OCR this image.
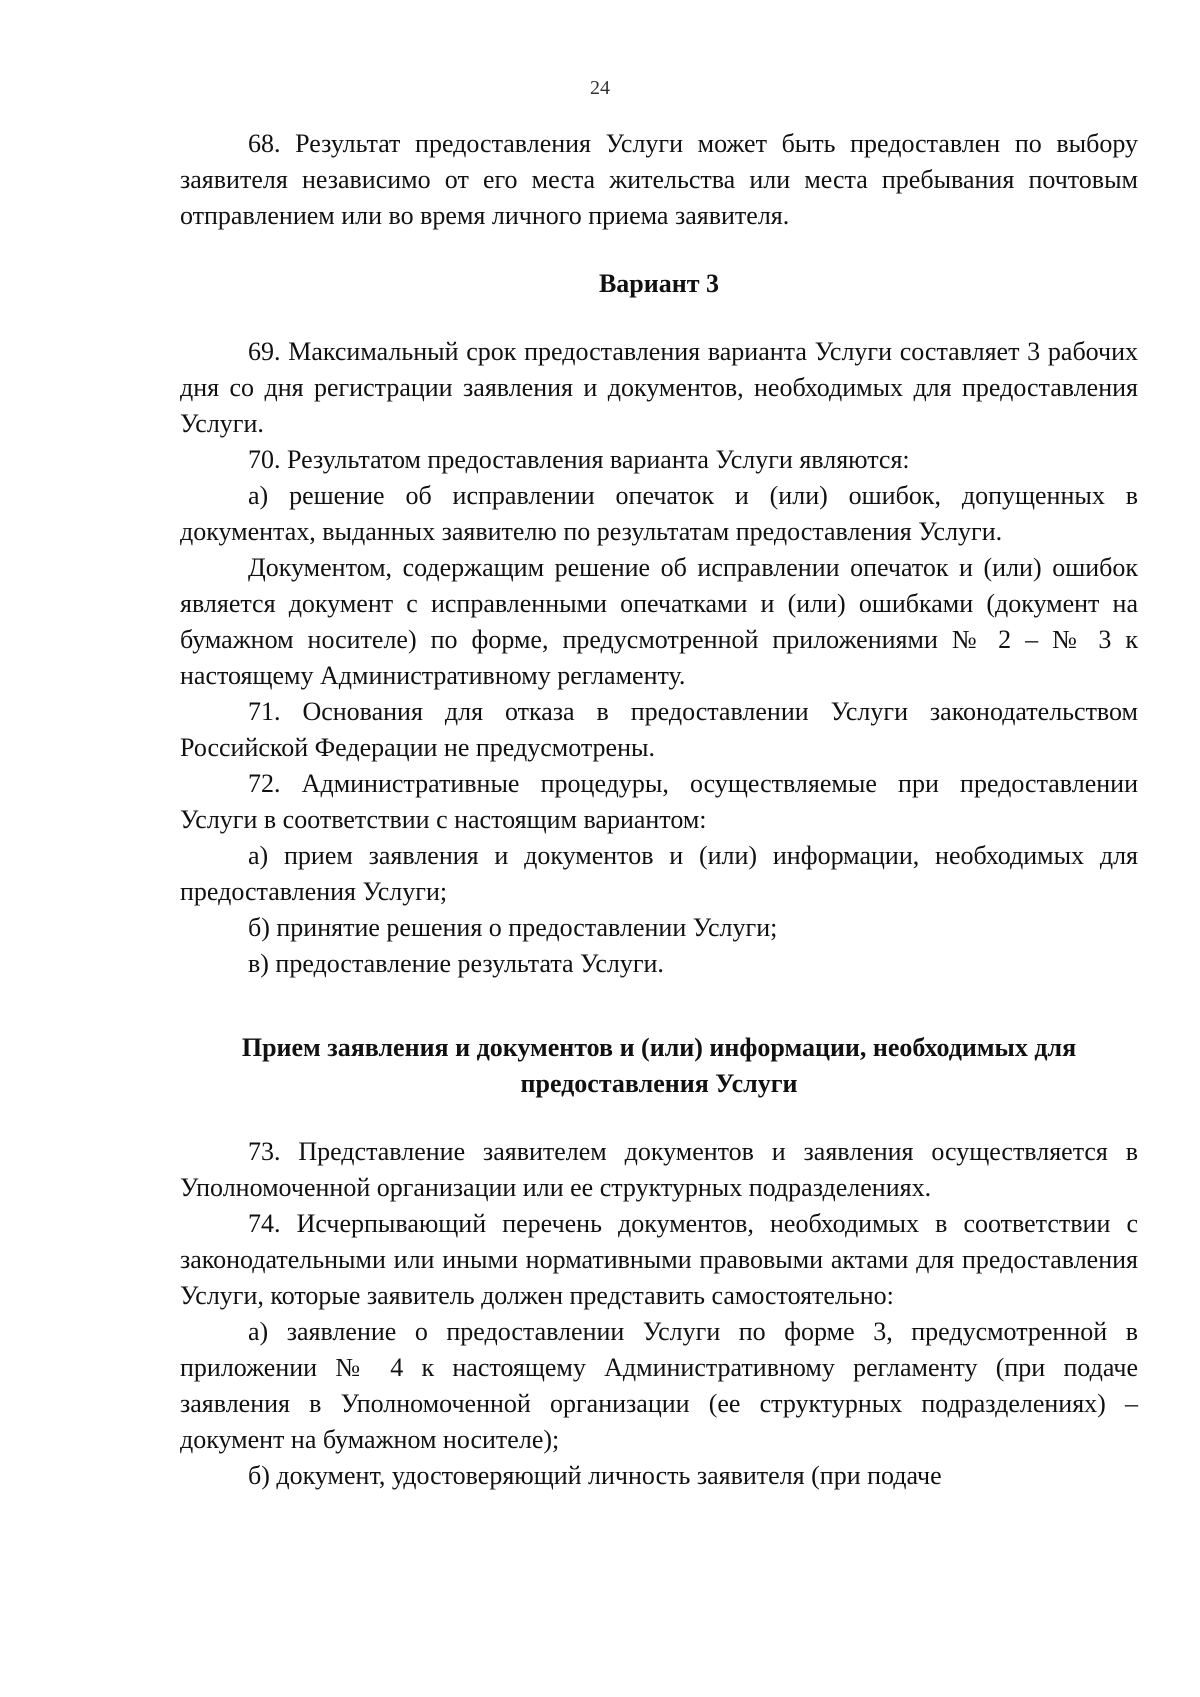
24

68. Результат предоставления Услуги может быть предоставлен по выбору заявителя независимо от его места жительства или места пребывания почтовым отправлением или во время личного приема заявителя.

Вариант 3

69. Максимальный срок предоставления варианта Услуги составляет 3 рабочих дня со дня регистрации заявления и документов, необходимых для предоставления Услуги.

70. Результатом предоставления варианта Услуги являются:

а) решение об исправлении опечаток и (или) ошибок, допущенных в документах, выданных заявителю по результатам предоставления Услуги.

Документом, содержащим решение об исправлении опечаток и (или) ошибок является документ с исправленными опечатками и (или) ошибками (документ на бумажном носителе) по форме, предусмотренной приложениями № 2 – № 3 к настоящему Административному регламенту.

71. Основания для отказа в предоставлении Услуги законодательством Российской Федерации не предусмотрены.

72. Административные процедуры, осуществляемые при предоставлении Услуги в соответствии с настоящим вариантом:

а) прием заявления и документов и (или) информации, необходимых для предоставления Услуги;

б) принятие решения о предоставлении Услуги;

в) предоставление результата Услуги.

Прием заявления и документов и (или) информации, необходимых для
предоставления Услуги

73. Представление заявителем документов и заявления осуществляется в Уполномоченной организации или ее структурных подразделениях.

74. Исчерпывающий перечень документов, необходимых в соответствии с законодательными или иными нормативными правовыми актами для предоставления Услуги, которые заявитель должен представить самостоятельно:

а) заявление о предоставлении Услуги по форме 3, предусмотренной в приложении № 4 к настоящему Административному регламенту (при подаче заявления в Уполномоченной организации (ее структурных подразделениях) – документ на бумажном носителе);

б) документ, удостоверяющий личность заявителя (при подаче
